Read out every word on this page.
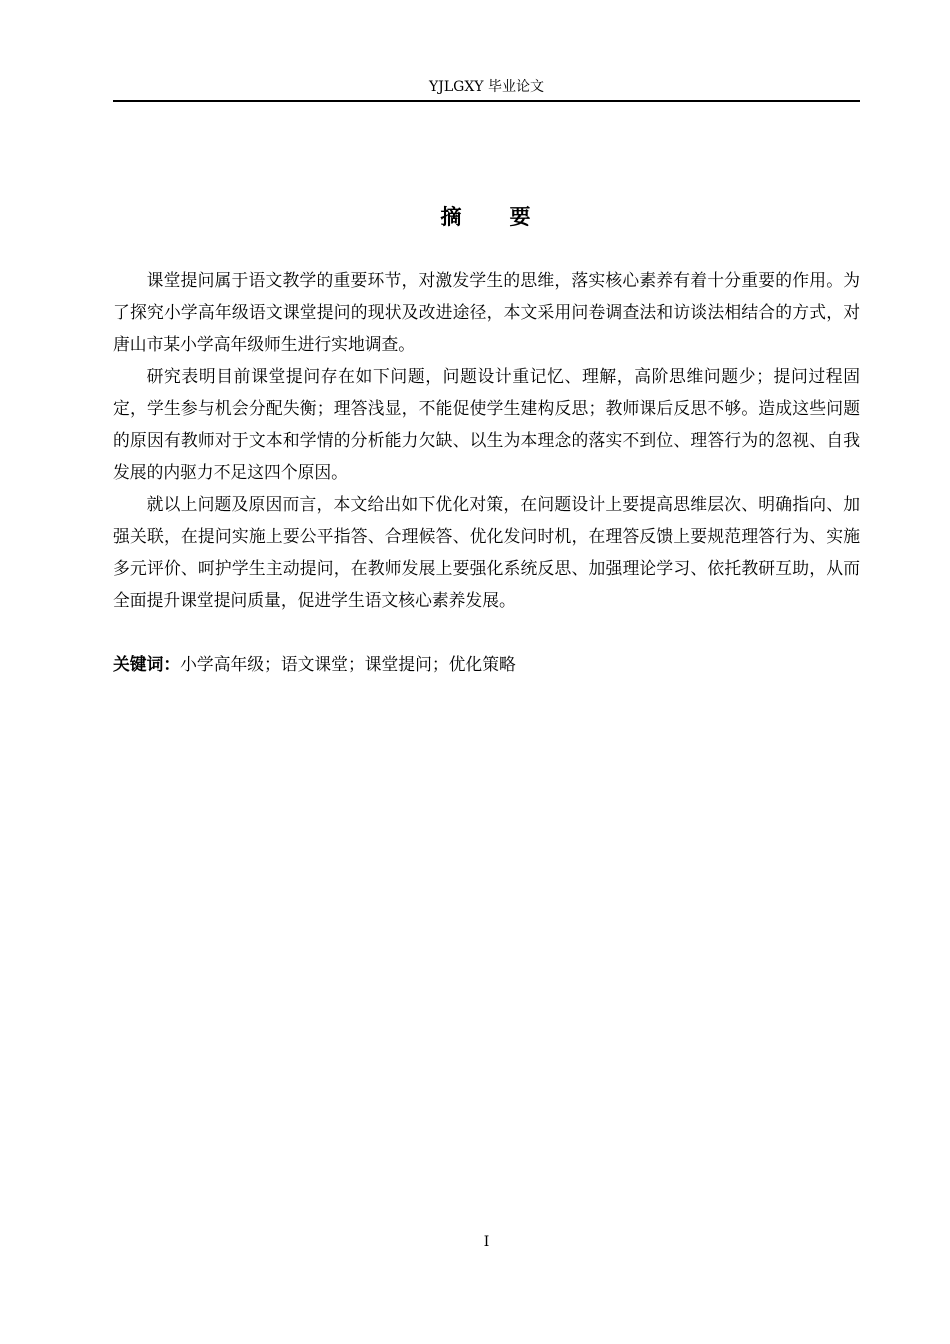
YJLGXY 毕业论文
摘　　要

课堂提问属于语文教学的重要环节，对激发学生的思维，落实核心素养有着十分重要的作用。为了探究小学高年级语文课堂提问的现状及改进途径，本文采用问卷调查法和访谈法相结合的方式，对唐山市某小学高年级师生进行实地调查。

研究表明目前课堂提问存在如下问题，问题设计重记忆、理解，高阶思维问题少；提问过程固定，学生参与机会分配失衡；理答浅显，不能促使学生建构反思；教师课后反思不够。造成这些问题的原因有教师对于文本和学情的分析能力欠缺、以生为本理念的落实不到位、理答行为的忽视、自我发展的内驱力不足这四个原因。

就以上问题及原因而言，本文给出如下优化对策，在问题设计上要提高思维层次、明确指向、加强关联，在提问实施上要公平指答、合理候答、优化发问时机，在理答反馈上要规范理答行为、实施多元评价、呵护学生主动提问，在教师发展上要强化系统反思、加强理论学习、依托教研互助，从而全面提升课堂提问质量，促进学生语文核心素养发展。

关键词：小学高年级；语文课堂；课堂提问；优化策略
I
